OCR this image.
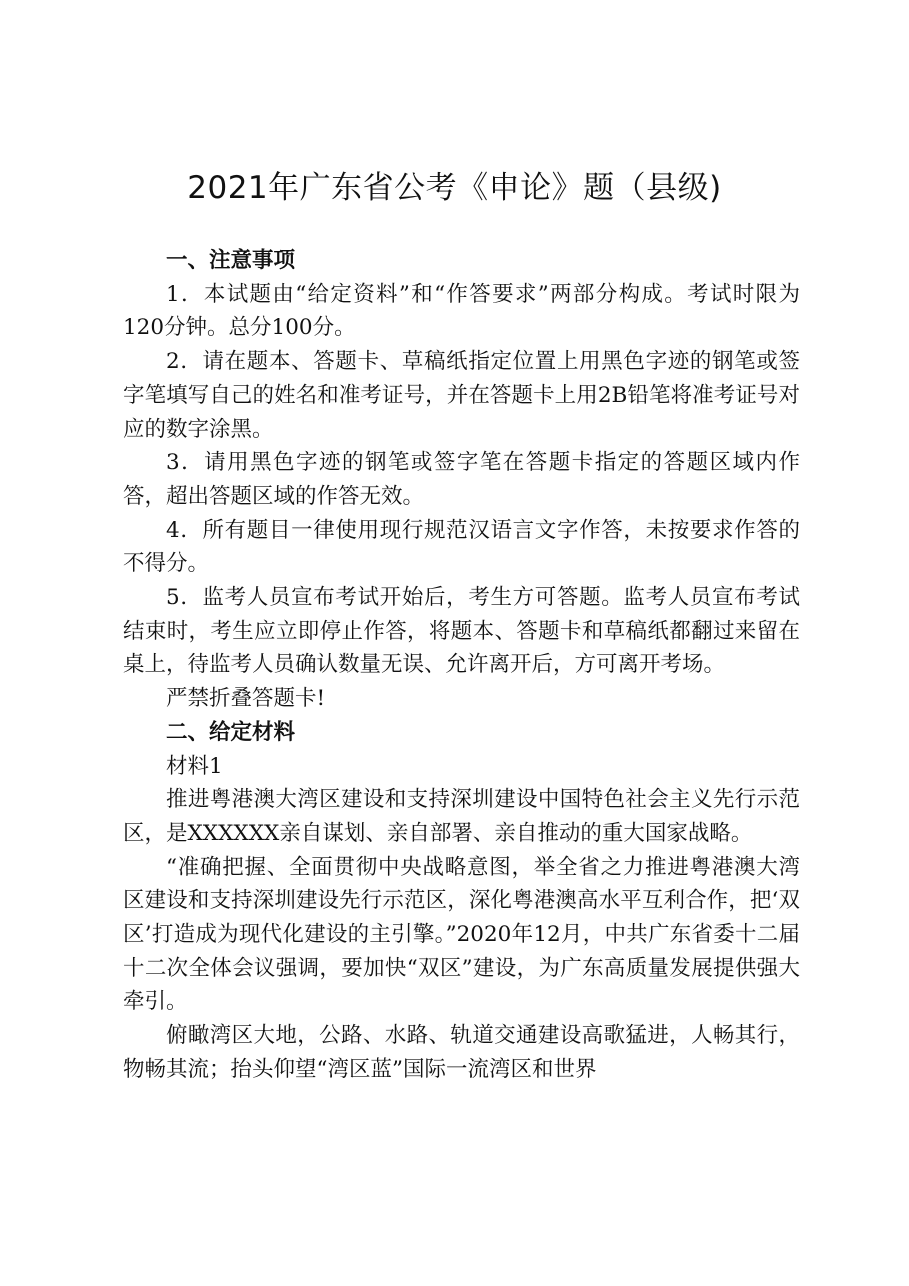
2021年广东省公考《申论》题（县级)

一、注意事项

1．本试题由“给定资料”和“作答要求”两部分构成。考试时限为120分钟。总分100分。

2．请在题本、答题卡、草稿纸指定位置上用黑色字迹的钢笔或签字笔填写自己的姓名和准考证号，并在答题卡上用2B铅笔将准考证号对应的数字涂黑。

3．请用黑色字迹的钢笔或签字笔在答题卡指定的答题区域内作答，超出答题区域的作答无效。

4．所有题目一律使用现行规范汉语言文字作答，未按要求作答的不得分。

5．监考人员宣布考试开始后，考生方可答题。监考人员宣布考试结束时，考生应立即停止作答，将题本、答题卡和草稿纸都翻过来留在桌上，待监考人员确认数量无误、允许离开后，方可离开考场。

严禁折叠答题卡!

二、给定材料

材料1

推进粤港澳大湾区建设和支持深圳建设中国特色社会主义先行示范区，是XXXXXX亲自谋划、亲自部署、亲自推动的重大国家战略。

“准确把握、全面贯彻中央战略意图，举全省之力推进粤港澳大湾区建设和支持深圳建设先行示范区，深化粤港澳高水平互利合作，把‘双区’打造成为现代化建设的主引擎。”2020年12月，中共广东省委十二届十二次全体会议强调，要加快“双区”建设，为广东高质量发展提供强大牵引。

俯瞰湾区大地，公路、水路、轨道交通建设高歌猛进，人畅其行，物畅其流；抬头仰望“湾区蓝”国际一流湾区和世界
